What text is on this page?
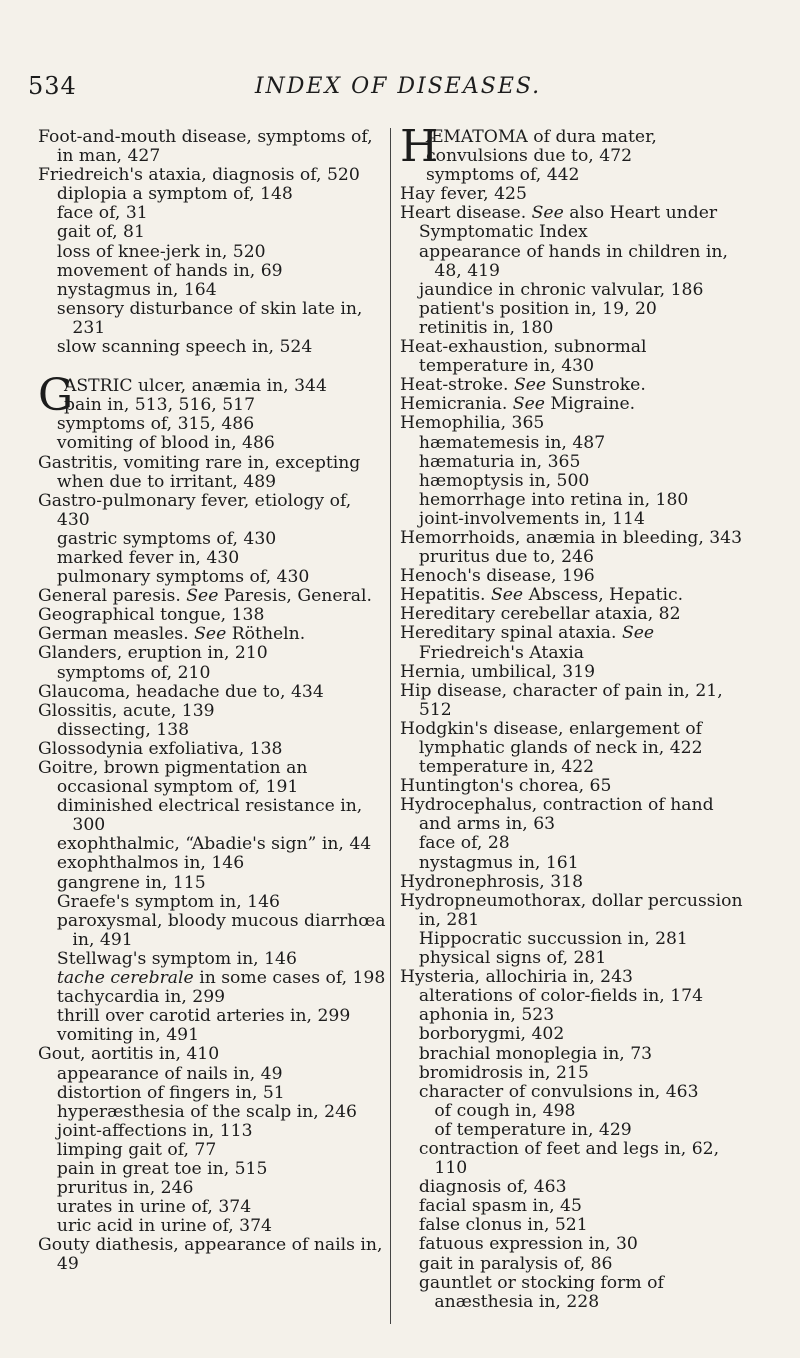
534	INDEX OF DISEASES.
Foot-and-mouth disease, symptoms of, in man, 427
Friedreich's ataxia, diagnosis of, 520
diplopia a symptom of, 148
face of, 31
gait of, 81
loss of knee-jerk in, 520
movement of hands in, 69
nystagmus in, 164
sensory disturbance of skin late in, 231
slow scanning speech in, 524
G
ASTRIC ulcer, anæmia in, 344
pain in, 513, 516, 517
symptoms of, 315, 486
vomiting of blood in, 486
Gastritis, vomiting rare in, excepting when due to irritant, 489
Gastro-pulmonary fever, etiology of, 430
gastric symptoms of, 430
marked fever in, 430
pulmonary symptoms of, 430
General paresis. See Paresis, General.
Geographical tongue, 138
German measles. See Rötheln.
Glanders, eruption in, 210
symptoms of, 210
Glaucoma, headache due to, 434
Glossitis, acute, 139
dissecting, 138
Glossodynia exfoliativa, 138
Goitre, brown pigmentation an occasional symptom of, 191
diminished electrical resistance in, 300
exophthalmic, “Abadie's sign” in, 44
exophthalmos in, 146
gangrene in, 115
Graefe's symptom in, 146
paroxysmal, bloody mucous diarrhœa in, 491
Stellwag's symptom in, 146
tache cerebrale in some cases of, 198
tachycardia in, 299
thrill over carotid arteries in, 299
vomiting in, 491
Gout, aortitis in, 410
appearance of nails in, 49
distortion of fingers in, 51
hyperæsthesia of the scalp in, 246
joint-affections in, 113
limping gait of, 77
pain in great toe in, 515
pruritus in, 246
urates in urine of, 374
uric acid in urine of, 374
Gouty diathesis, appearance of nails in, 49
H
ÆMATOMA of dura mater, convulsions due to, 472
symptoms of, 442
Hay fever, 425
Heart disease. See also Heart under Symptomatic Index
appearance of hands in children in, 48, 419
jaundice in chronic valvular, 186
patient's position in, 19, 20
retinitis in, 180
Heat-exhaustion, subnormal temperature in, 430
Heat-stroke. See Sunstroke.
Hemicrania. See Migraine.
Hemophilia, 365
hæmatemesis in, 487
hæmaturia in, 365
hæmoptysis in, 500
hemorrhage into retina in, 180
joint-involvements in, 114
Hemorrhoids, anæmia in bleeding, 343
pruritus due to, 246
Henoch's disease, 196
Hepatitis. See Abscess, Hepatic.
Hereditary cerebellar ataxia, 82
Hereditary spinal ataxia. See Friedreich's Ataxia
Hernia, umbilical, 319
Hip disease, character of pain in, 21, 512
Hodgkin's disease, enlargement of lymphatic glands of neck in, 422
temperature in, 422
Huntington's chorea, 65
Hydrocephalus, contraction of hand and arms in, 63
face of, 28
nystagmus in, 161
Hydronephrosis, 318
Hydropneumothorax, dollar percussion in, 281
Hippocratic succussion in, 281
physical signs of, 281
Hysteria, allochiria in, 243
alterations of color-fields in, 174
aphonia in, 523
borborygmi, 402
brachial monoplegia in, 73
bromidrosis in, 215
character of convulsions in, 463
of cough in, 498
of temperature in, 429
contraction of feet and legs in, 62, 110
diagnosis of, 463
facial spasm in, 45
false clonus in, 521
fatuous expression in, 30
gait in paralysis of, 86
gauntlet or stocking form of anæsthesia in, 228
